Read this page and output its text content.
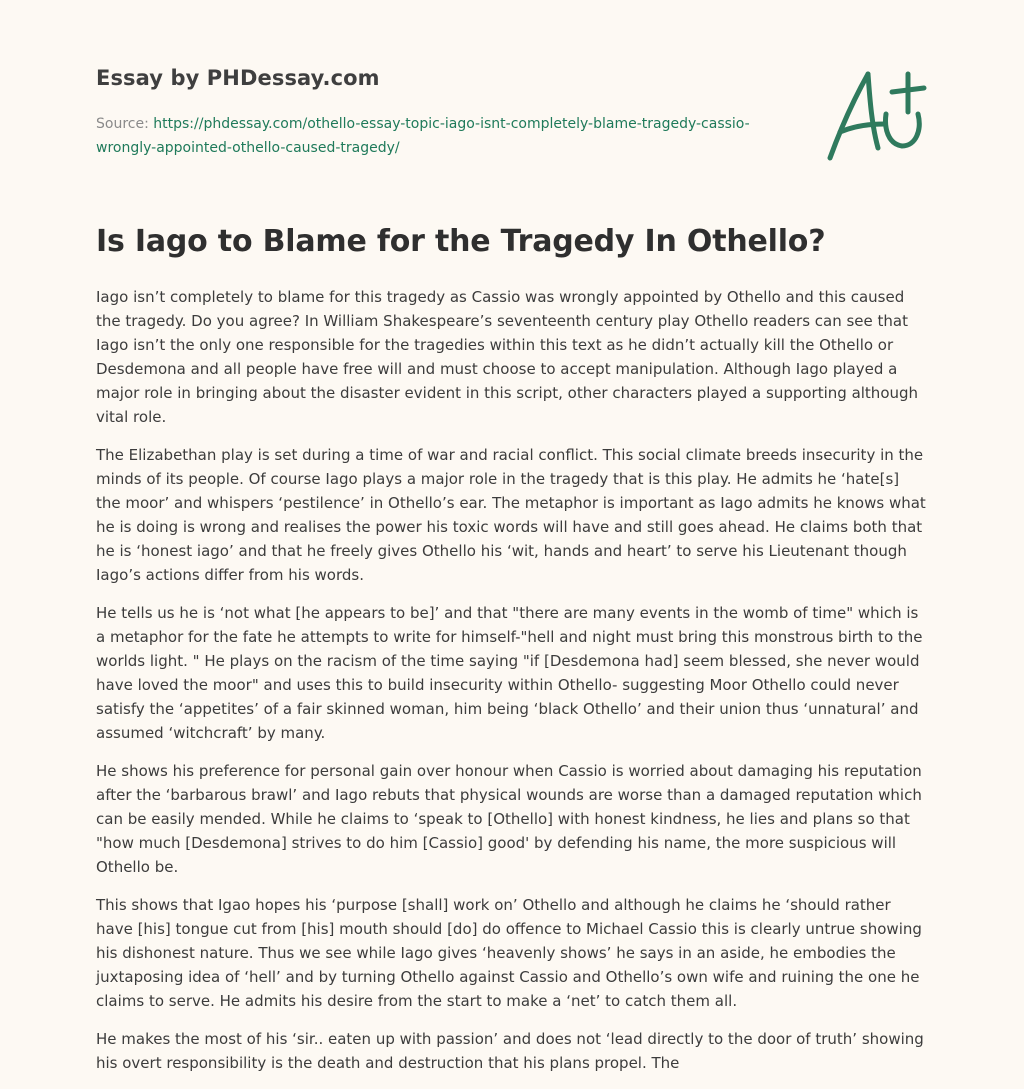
Essay by PHDessay.com
Source: https://phdessay.com/othello-essay-topic-iago-isnt-completely-blame-tragedy-cassio-wrongly-appointed-othello-caused-tragedy/
Is Iago to Blame for the Tragedy In Othello?

Iago isn’t completely to blame for this tragedy as Cassio was wrongly appointed by Othello and this caused the tragedy. Do you agree? In William Shakespeare’s seventeenth century play Othello readers can see that Iago isn’t the only one responsible for the tragedies within this text as he didn’t actually kill the Othello or Desdemona and all people have free will and must choose to accept manipulation. Although Iago played a major role in bringing about the disaster evident in this script, other characters played a supporting although vital role.

The Elizabethan play is set during a time of war and racial conflict. This social climate breeds insecurity in the minds of its people. Of course Iago plays a major role in the tragedy that is this play. He admits he ‘hate[s] the moor’ and whispers ‘pestilence’ in Othello’s ear. The metaphor is important as Iago admits he knows what he is doing is wrong and realises the power his toxic words will have and still goes ahead. He claims both that he is ‘honest iago’ and that he freely gives Othello his ‘wit, hands and heart’ to serve his Lieutenant though Iago’s actions differ from his words.

He tells us he is ‘not what [he appears to be]’ and that "there are many events in the womb of time" which is a metaphor for the fate he attempts to write for himself-"hell and night must bring this monstrous birth to the worlds light. " He plays on the racism of the time saying "if [Desdemona had] seem blessed, she never would have loved the moor" and uses this to build insecurity within Othello- suggesting Moor Othello could never satisfy the ‘appetites’ of a fair skinned woman, him being ‘black Othello’ and their union thus ‘unnatural’ and assumed ‘witchcraft’ by many.

He shows his preference for personal gain over honour when Cassio is worried about damaging his reputation after the ‘barbarous brawl’ and Iago rebuts that physical wounds are worse than a damaged reputation which can be easily mended. While he claims to ‘speak to [Othello] with honest kindness, he lies and plans so that "how much [Desdemona] strives to do him [Cassio] good' by defending his name, the more suspicious will Othello be.

This shows that Igao hopes his ‘purpose [shall] work on’ Othello and although he claims he ‘should rather have [his] tongue cut from [his] mouth should [do] do offence to Michael Cassio this is clearly untrue showing his dishonest nature. Thus we see while Iago gives ‘heavenly shows’ he says in an aside, he embodies the juxtaposing idea of ‘hell’ and by turning Othello against Cassio and Othello’s own wife and ruining the one he claims to serve. He admits his desire from the start to make a ‘net’ to catch them all.

He makes the most of his ‘sir.. eaten up with passion’ and does not ‘lead directly to the door of truth’ showing his overt responsibility is the death and destruction that his plans propel. The
